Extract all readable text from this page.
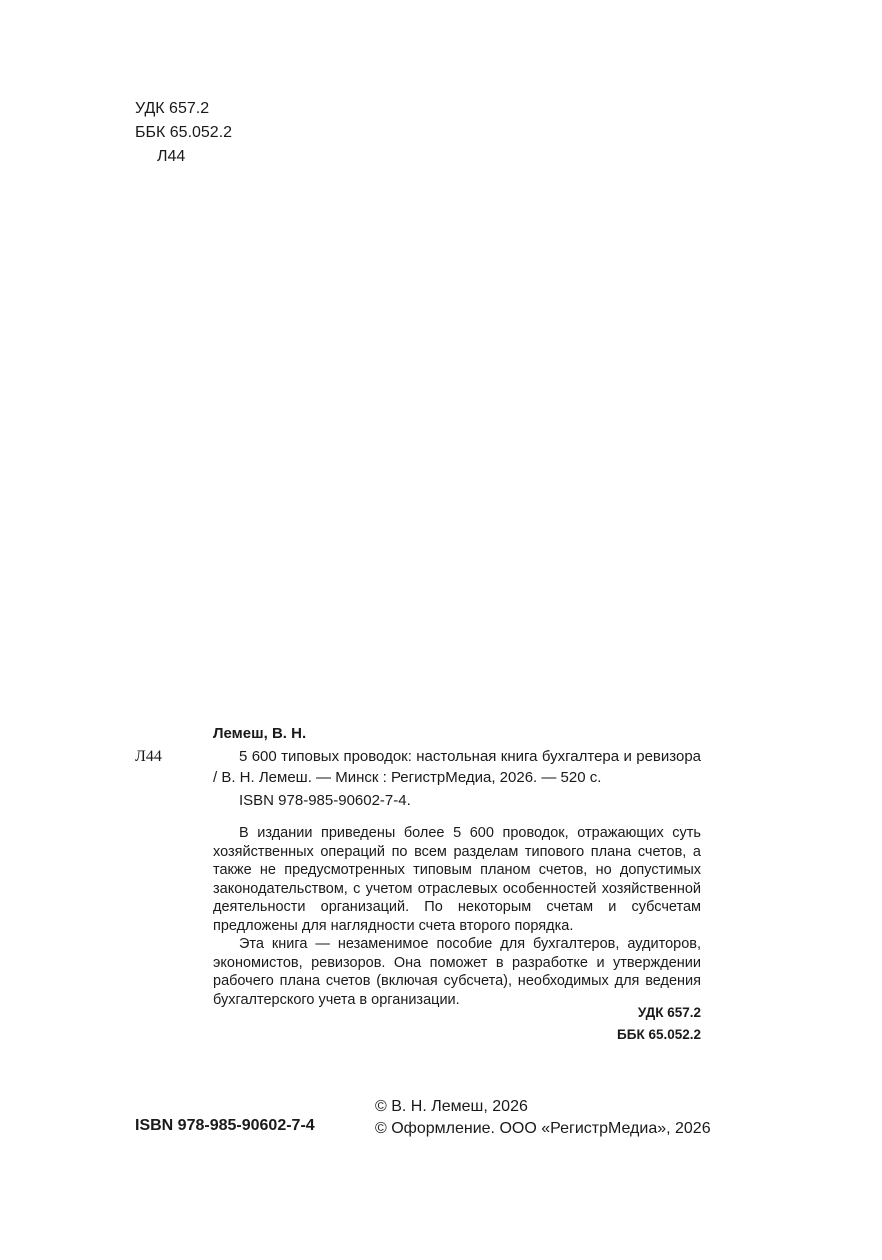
УДК 657.2
ББК 65.052.2
Л44
Л44

Лемеш, В. Н.

5 600 типовых проводок: настольная книга бухгалтера и ревизора / В. Н. Лемеш. — Минск : РегистрМедиа, 2026. — 520 с.

ISBN 978-985-90602-7-4.

В издании приведены более 5 600 проводок, отражающих суть хозяйственных операций по всем разделам типового плана счетов, а также не предусмотренных типовым планом счетов, но допустимых законодательством, с учетом отраслевых особенностей хозяйственной деятельности организаций. По некоторым счетам и субсчетам предложены для наглядности счета второго порядка.

Эта книга — незаменимое пособие для бухгалтеров, аудиторов, экономистов, ревизоров. Она поможет в разработке и утверждении рабочего плана счетов (включая субсчета), необходимых для ведения бухгалтерского учета в организации.

УДК 657.2
ББК 65.052.2
ISBN 978-985-90602-7-4
© В. Н. Лемеш, 2026
© Оформление. ООО «РегистрМедиа», 2026
